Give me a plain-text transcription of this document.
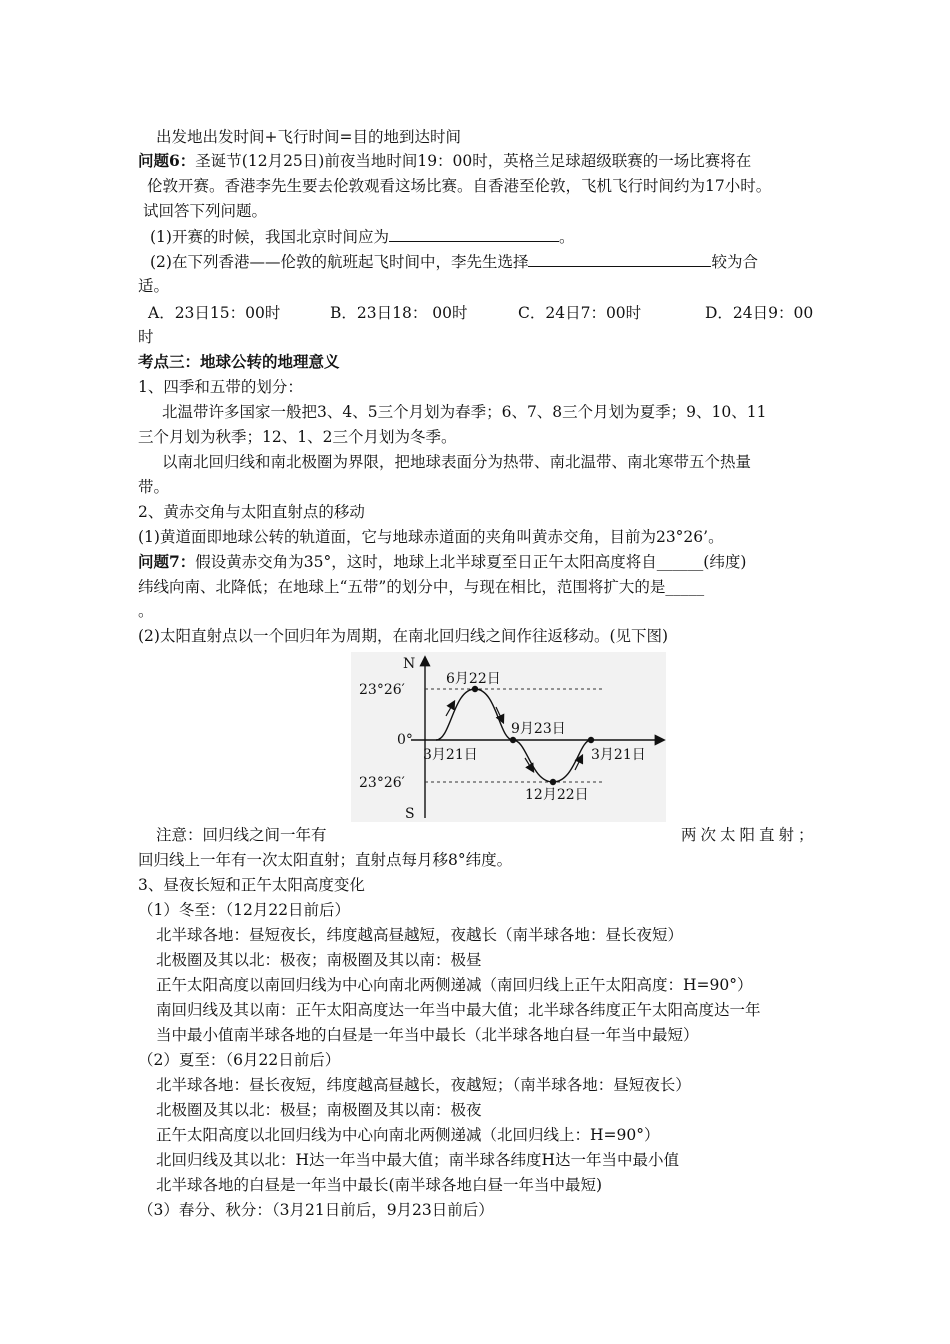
出发地出发时间+飞行时间=目的地到达时间
问题6：圣诞节(12月25日)前夜当地时间19：00时，英格兰足球超级联赛的一场比赛将在
伦敦开赛。香港李先生要去伦敦观看这场比赛。自香港至伦敦，飞机飞行时间约为17小时。
试回答下列问题。
(1)开赛的时候，我国北京时间应为	。
(2)在下列香港——伦敦的航班起飞时间中，李先生选择	较为合
适。
A．23日15：00时	B．23日18： 00时	C．24日7：00时	D．24日9：00
时
考点三：地球公转的地理意义
1、四季和五带的划分：
北温带许多国家一般把3、4、5三个月划为春季；6、7、8三个月划为夏季；9、10、11
三个月划为秋季；12、1、2三个月划为冬季。
以南北回归线和南北极圈为界限，把地球表面分为热带、南北温带、南北寒带五个热量
带。
2、黄赤交角与太阳直射点的移动
(1)黄道面即地球公转的轨道面，它与地球赤道面的夹角叫黄赤交角，目前为23°26’。
问题7：假设黄赤交角为35°，这时，地球上北半球夏至日正午太阳高度将自______(纬度)
纬线向南、北降低；在地球上“五带”的划分中，与现在相比，范围将扩大的是_____
。
(2)太阳直射点以一个回归年为周期，在南北回归线之间作往返移动。(见下图)
N
S
23°26′
0°
23°26′
6月22日
9月23日
3月21日	3月21日
12月22日
注意：回归线之间一年有	两次太阳直射；
回归线上一年有一次太阳直射；直射点每月移8°纬度。
3、昼夜长短和正午太阳高度变化
（1）冬至：（12月22日前后）
北半球各地：昼短夜长，纬度越高昼越短，夜越长（南半球各地：昼长夜短）
北极圈及其以北：极夜；南极圈及其以南：极昼
正午太阳高度以南回归线为中心向南北两侧递减（南回归线上正午太阳高度：H=90°）
南回归线及其以南：正午太阳高度达一年当中最大值；北半球各纬度正午太阳高度达一年
当中最小值南半球各地的白昼是一年当中最长（北半球各地白昼一年当中最短）
（2）夏至：（6月22日前后）
北半球各地：昼长夜短，纬度越高昼越长，夜越短；（南半球各地：昼短夜长）
北极圈及其以北：极昼；南极圈及其以南：极夜
正午太阳高度以北回归线为中心向南北两侧递减（北回归线上：H=90°）
北回归线及其以北：H达一年当中最大值；南半球各纬度H达一年当中最小值
北半球各地的白昼是一年当中最长(南半球各地白昼一年当中最短)
（3）春分、秋分：（3月21日前后，9月23日前后）
